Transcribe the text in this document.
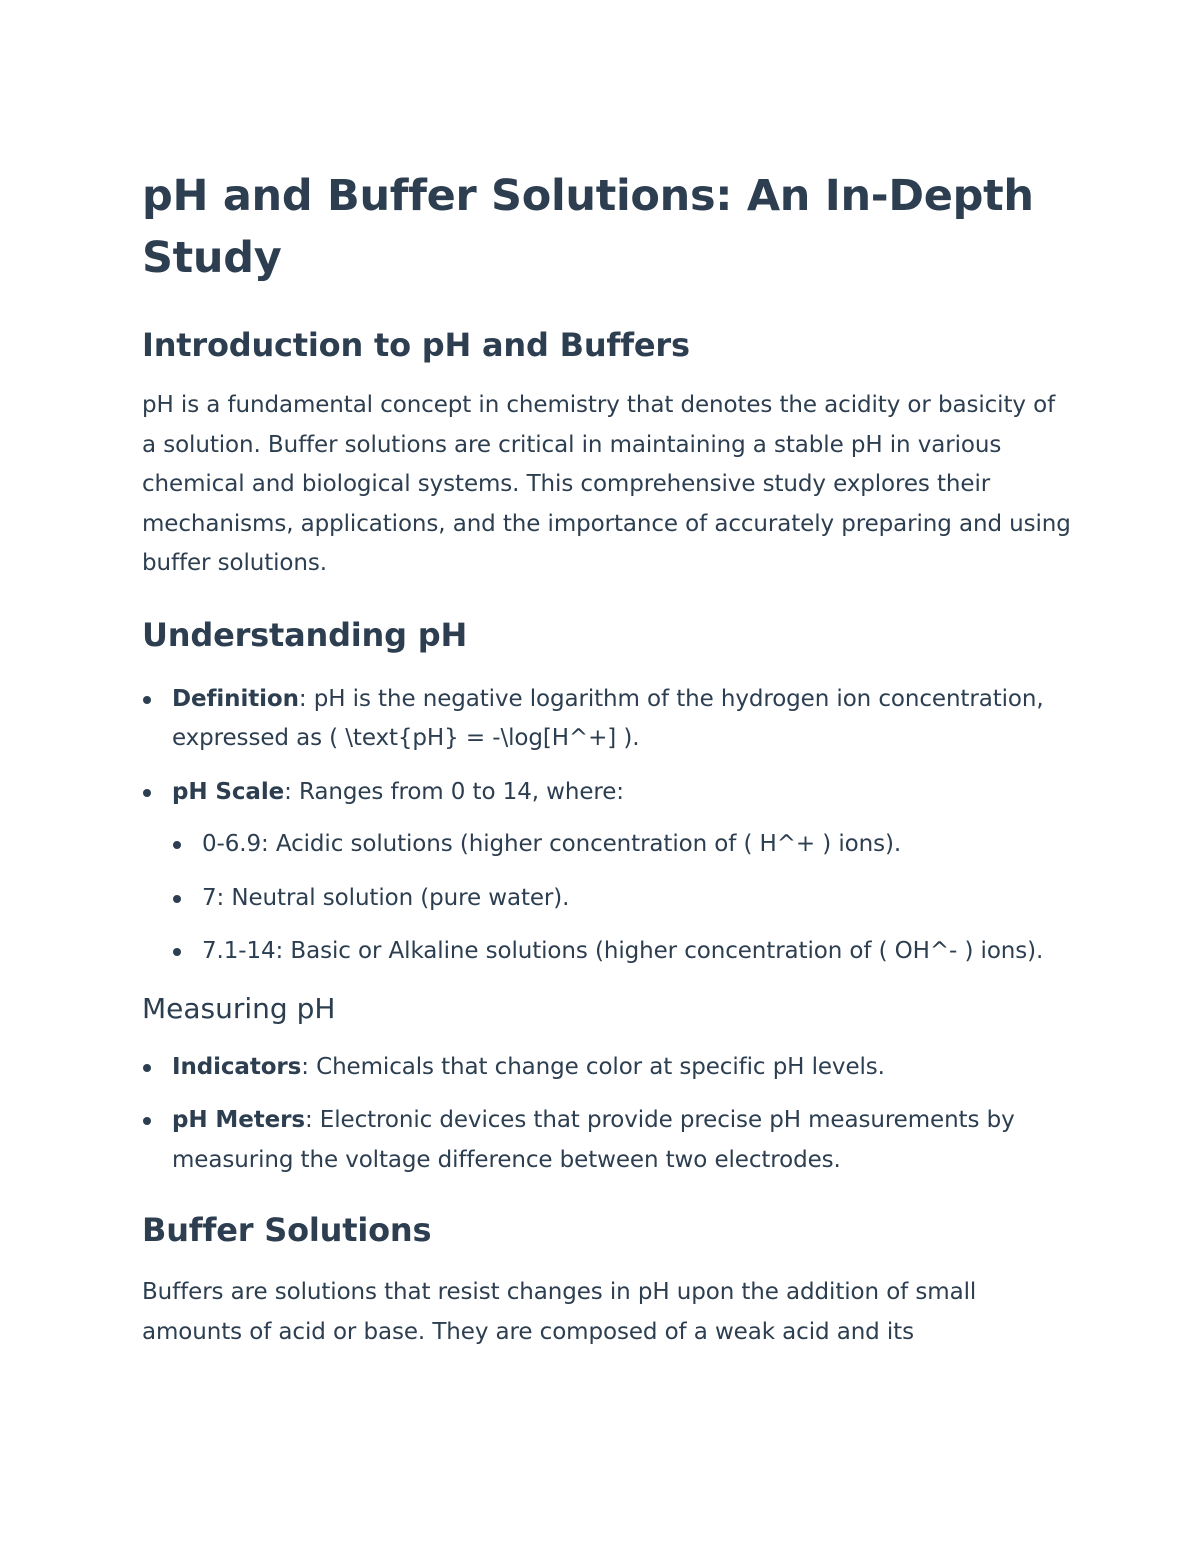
pH and Buffer Solutions: An In-Depth Study
Introduction to pH and Buffers

pH is a fundamental concept in chemistry that denotes the acidity or basicity of a solution. Buffer solutions are critical in maintaining a stable pH in various chemical and biological systems. This comprehensive study explores their mechanisms, applications, and the importance of accurately preparing and using buffer solutions.

Understanding pH
Definition: pH is the negative logarithm of the hydrogen ion concentration, expressed as ( \text{pH} = -\log[H^+] ).
pH Scale: Ranges from 0 to 14, where:
0-6.9: Acidic solutions (higher concentration of ( H^+ ) ions).
7: Neutral solution (pure water).
7.1-14: Basic or Alkaline solutions (higher concentration of ( OH^- ) ions).
Measuring pH
Indicators: Chemicals that change color at specific pH levels.
pH Meters: Electronic devices that provide precise pH measurements by measuring the voltage difference between two electrodes.
Buffer Solutions

Buffers are solutions that resist changes in pH upon the addition of small amounts of acid or base. They are composed of a weak acid and its
